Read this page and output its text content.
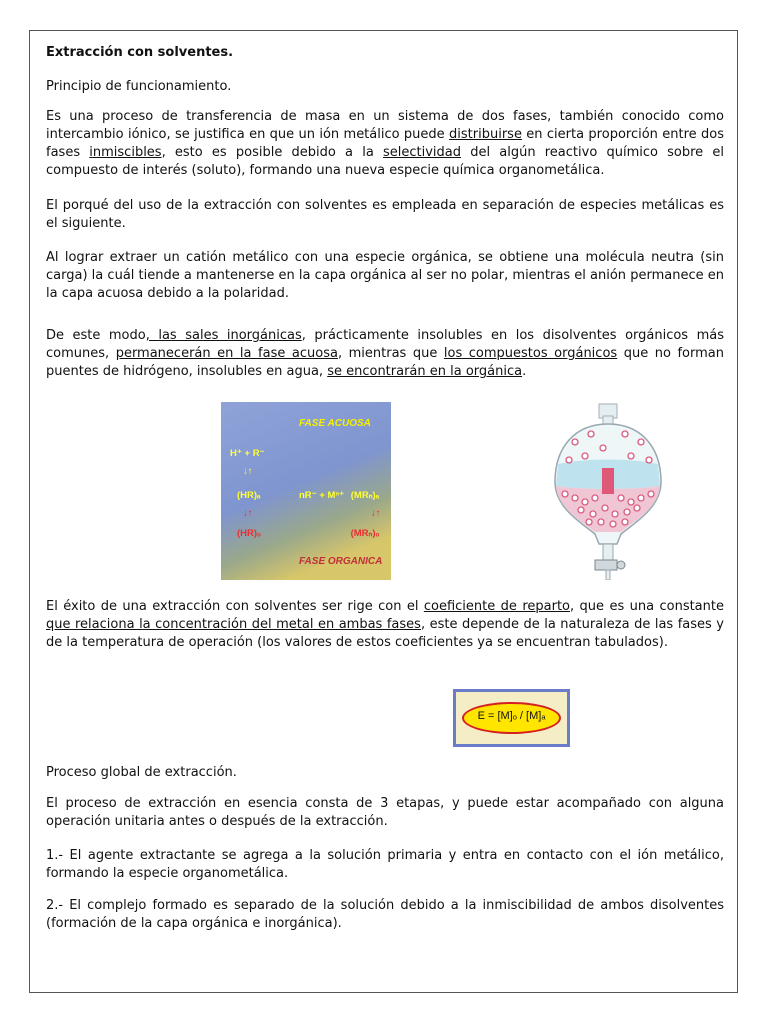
Extracción con solventes.

Principio de funcionamiento.

Es una proceso de transferencia de masa en un sistema de dos fases, también conocido como intercambio iónico, se justifica en que un ión metálico puede distribuirse en cierta proporción entre dos fases inmiscibles, esto es posible debido a la selectividad del algún reactivo químico sobre el compuesto de interés (soluto), formando una nueva especie química organometálica.

El porqué del uso de la extracción con solventes es empleada en separación de especies metálicas es el siguiente.

Al lograr extraer un catión metálico con una especie orgánica, se obtiene una molécula neutra (sin carga) la cuál tiende a mantenerse en la capa orgánica al ser no polar, mientras el anión permanece en la capa acuosa debido a la polaridad.

De este modo, las sales inorgánicas, prácticamente insolubles en los disolventes orgánicos más comunes, permanecerán en la fase acuosa, mientras que los compuestos orgánicos que no forman puentes de hidrógeno, insolubles en agua, se encontrarán en la orgánica.

El éxito de una extracción con solventes ser rige con el coeficiente de reparto, que es una constante que relaciona la concentración del metal en ambas fases, este depende de la naturaleza de las fases y de la temperatura de operación (los valores de estos coeficientes ya se encuentran tabulados).

Proceso global de extracción.

El proceso de extracción en esencia consta de 3 etapas, y puede estar acompañado con alguna operación unitaria antes o después de la extracción.

1.- El agente extractante se agrega a la solución primaria y entra en contacto con el ión metálico, formando la especie organometálica.

2.- El complejo formado es separado de la solución debido a la inmiscibilidad de ambos disolventes (formación de la capa orgánica e inorgánica).

FASE ACUOSA
H⁺ + R⁻
↓↑
(HR)ₐ	nR⁻ + Mⁿ⁺ (MRₙ)ₐ
↓↑	↓↑
(HR)ₒ	(MRₙ)ₒ
FASE ORGANICA
E = [M]ₒ / [M]ₐ
